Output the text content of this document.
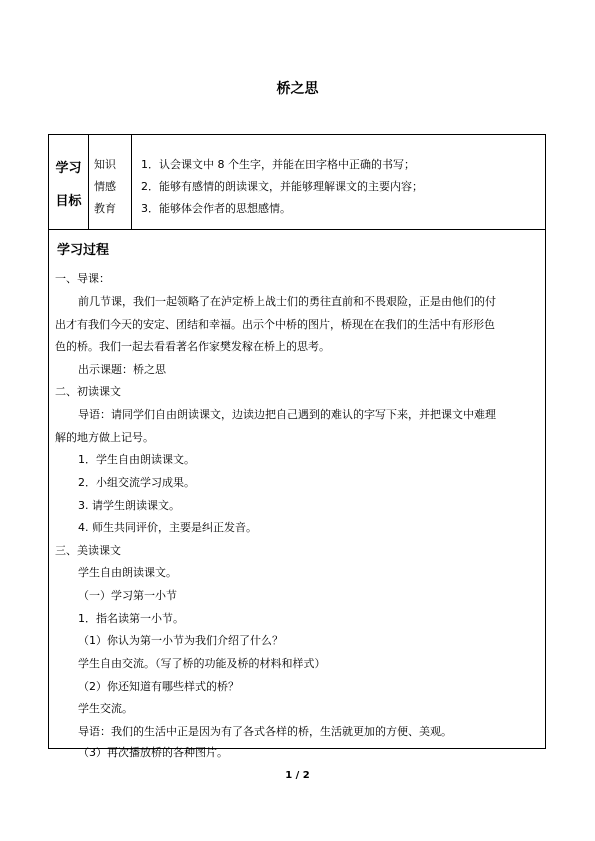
桥之思
学习
目标
知识
情感
教育
1．认会课文中 8 个生字，并能在田字格中正确的书写；
2．能够有感情的朗读课文，并能够理解课文的主要内容；
3．能够体会作者的思想感情。
学习过程
一、导课：
前几节课，我们一起领略了在泸定桥上战士们的勇往直前和不畏艰险，正是由他们的付
出才有我们今天的安定、团结和幸福。出示个中桥的图片，桥现在在我们的生活中有形形色
色的桥。我们一起去看看著名作家樊发稼在桥上的思考。
出示课题：桥之思
二、初读课文
导语：请同学们自由朗读课文，边读边把自己遇到的难认的字写下来，并把课文中难理
解的地方做上记号。
1．学生自由朗读课文。
2．小组交流学习成果。
3. 请学生朗读课文。
4. 师生共同评价，主要是纠正发音。
三、美读课文
学生自由朗读课文。
（一）学习第一小节
1．指名读第一小节。
（1）你认为第一小节为我们介绍了什么？
学生自由交流。（写了桥的功能及桥的材料和样式）
（2）你还知道有哪些样式的桥？
学生交流。
导语：我们的生活中正是因为有了各式各样的桥，生活就更加的方便、美观。
（3）再次播放桥的各种图片。
1 / 2
